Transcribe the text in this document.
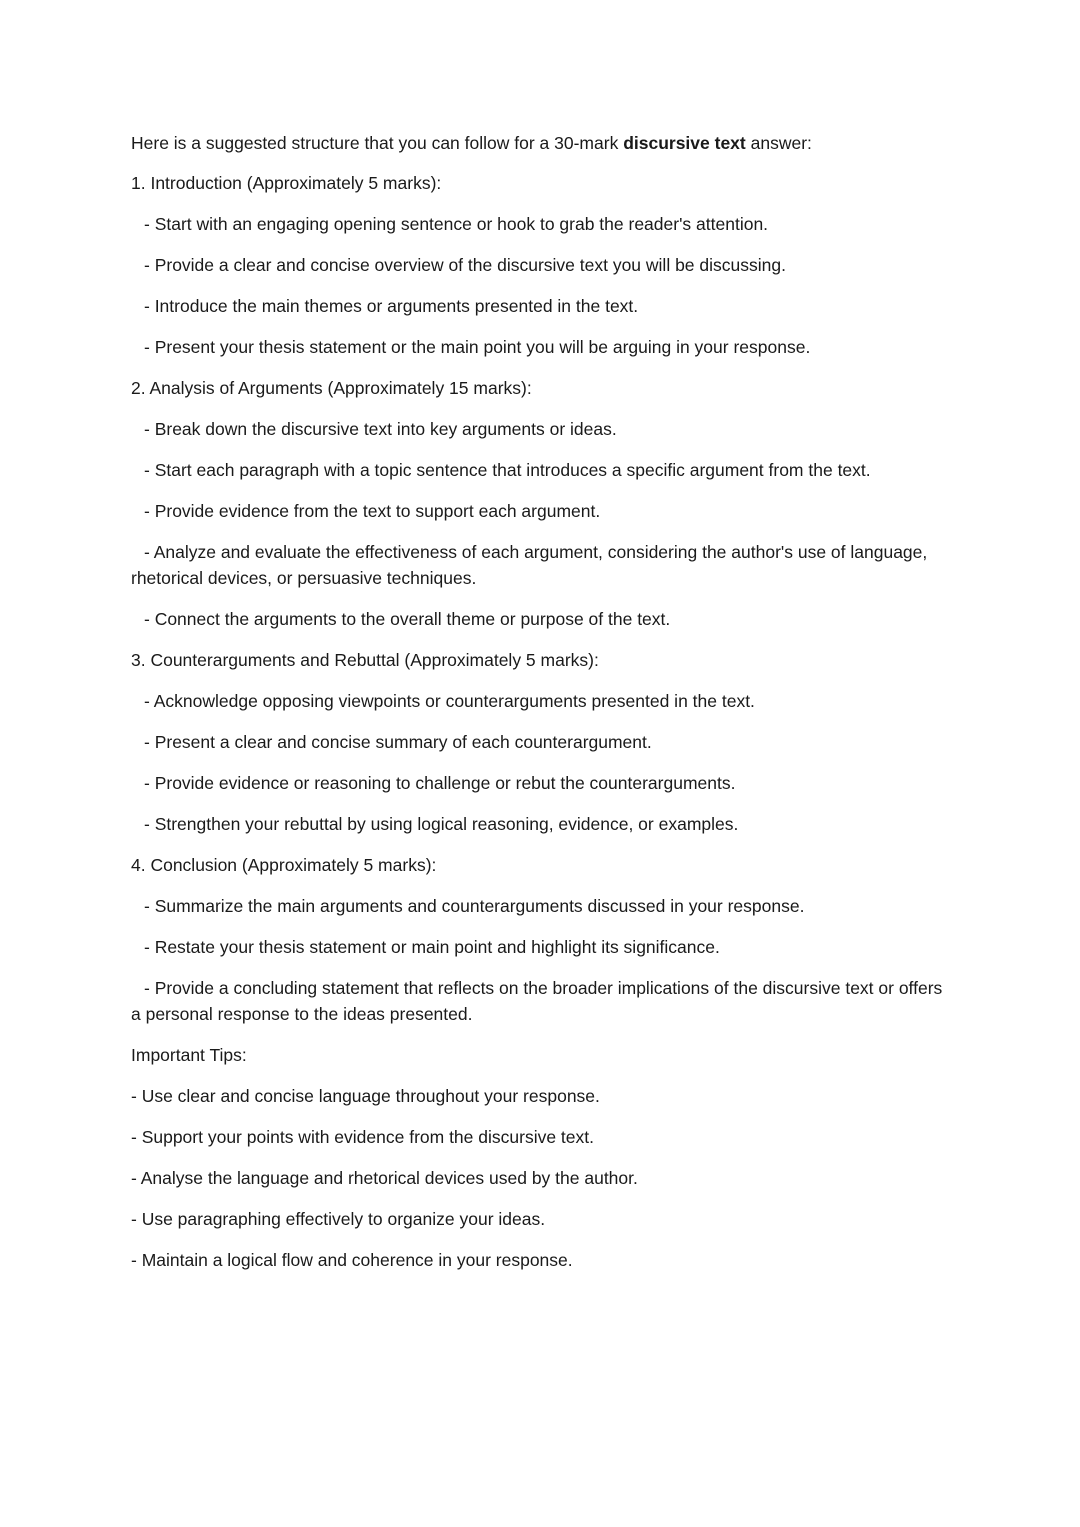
Here is a suggested structure that you can follow for a 30-mark discursive text answer:

1. Introduction (Approximately 5 marks):

- Start with an engaging opening sentence or hook to grab the reader's attention.

- Provide a clear and concise overview of the discursive text you will be discussing.

- Introduce the main themes or arguments presented in the text.

- Present your thesis statement or the main point you will be arguing in your response.

2. Analysis of Arguments (Approximately 15 marks):

- Break down the discursive text into key arguments or ideas.

- Start each paragraph with a topic sentence that introduces a specific argument from the text.

- Provide evidence from the text to support each argument.

- Analyze and evaluate the effectiveness of each argument, considering the author's use of language, rhetorical devices, or persuasive techniques.

- Connect the arguments to the overall theme or purpose of the text.

3. Counterarguments and Rebuttal (Approximately 5 marks):

- Acknowledge opposing viewpoints or counterarguments presented in the text.

- Present a clear and concise summary of each counterargument.

- Provide evidence or reasoning to challenge or rebut the counterarguments.

- Strengthen your rebuttal by using logical reasoning, evidence, or examples.

4. Conclusion (Approximately 5 marks):

- Summarize the main arguments and counterarguments discussed in your response.

- Restate your thesis statement or main point and highlight its significance.

- Provide a concluding statement that reflects on the broader implications of the discursive text or offers a personal response to the ideas presented.

Important Tips:

- Use clear and concise language throughout your response.

- Support your points with evidence from the discursive text.

- Analyse the language and rhetorical devices used by the author.

- Use paragraphing effectively to organize your ideas.

- Maintain a logical flow and coherence in your response.
